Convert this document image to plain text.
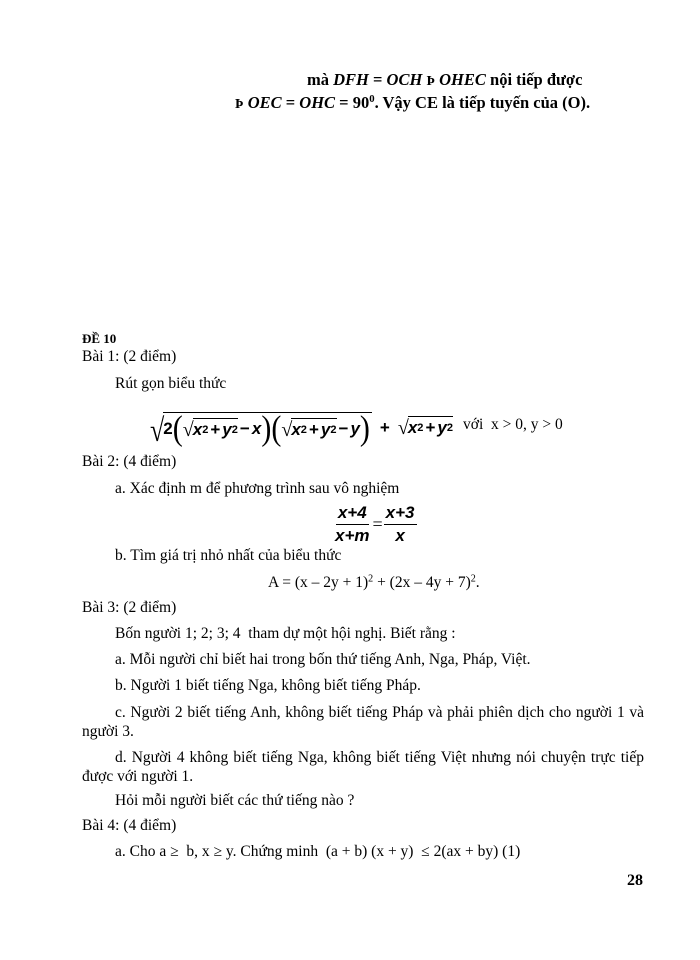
mà DFH = OCH Þ OHEC nội tiếp được
Þ OEC = OHC = $90^0$. Vậy CE là tiếp tuyến của (O).
ĐỀ 10
Bài 1: (2 điểm)
Rút gọn biểu thức
√ 2 ( √ x 2 + y 2 − x ) ( √ x 2 + y 2 − y ) + √ x 2 + y 2 với  x > 0, y > 0
Bài 2: (4 điểm)
a. Xác định m để phương trình sau vô nghiệm
$\frac{x+4}{x+m} = \frac{x+3}{x}$
b. Tìm giá trị nhỏ nhất của biểu thức
$A = (x - 2y + 1)^2 + (2x - 4y + 7)^2$.
Bài 3: (2 điểm)
Bốn người 1; 2; 3; 4  tham dự một hội nghị. Biết rằng :
a. Mỗi người chỉ biết hai trong bốn thứ tiếng Anh, Nga, Pháp, Việt.
b. Người 1 biết tiếng Nga, không biết tiếng Pháp.
c. Người 2 biết tiếng Anh, không biết tiếng Pháp và phải phiên dịch cho người 1 và người 3.
d. Người 4 không biết tiếng Nga, không biết tiếng Việt nhưng nói chuyện trực tiếp được với người 1.
Hỏi mỗi người biết các thứ tiếng nào ?
Bài 4: (4 điểm)
a. Cho a ≥  b, x ≥ y. Chứng minh  (a + b) (x + y)  ≤ 2(ax + by) (1)
28
